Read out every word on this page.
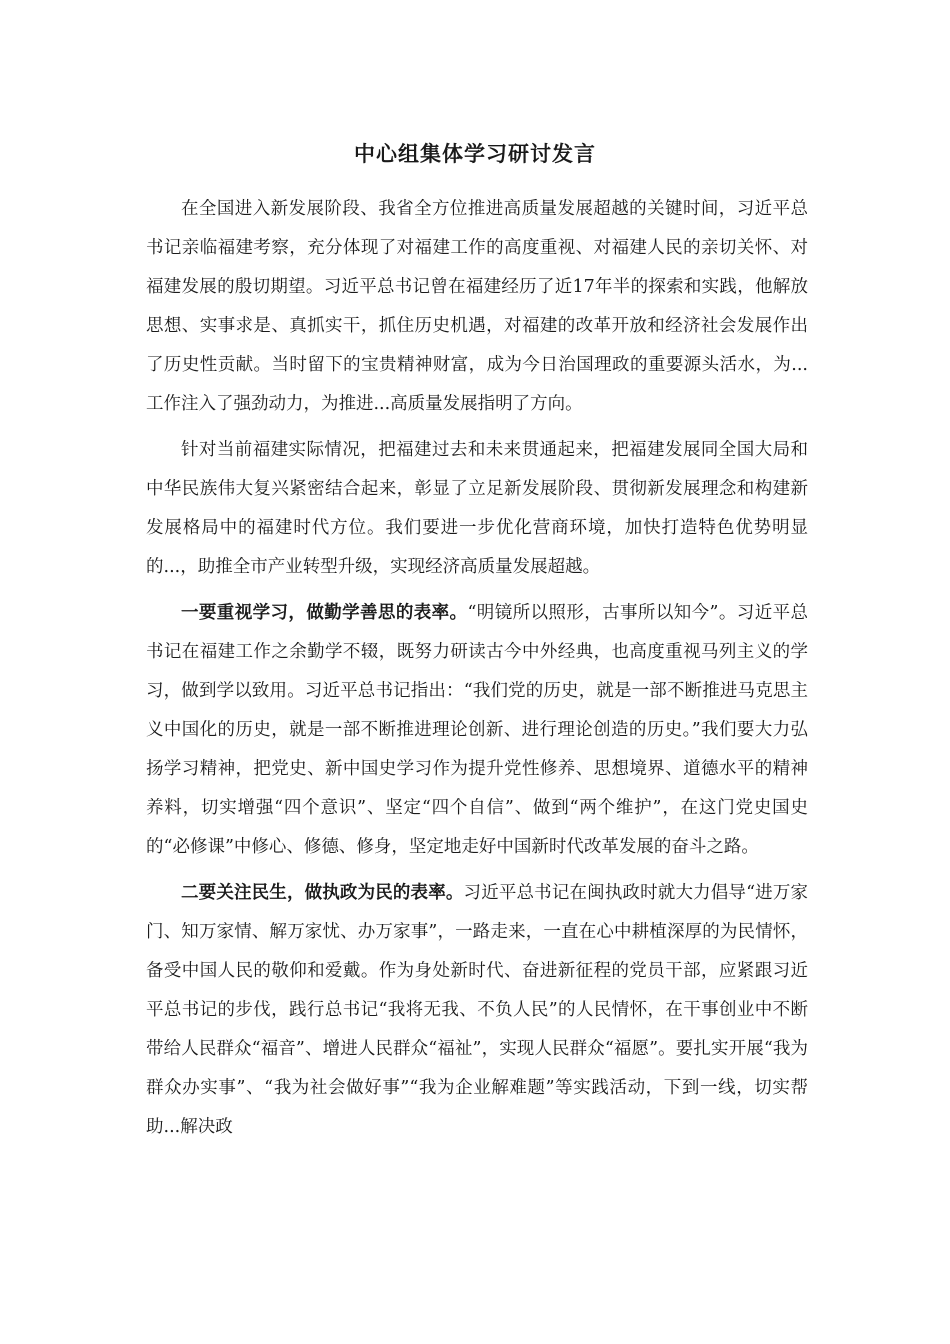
中心组集体学习研讨发言

在全国进入新发展阶段、我省全方位推进高质量发展超越的关键时间，习近平总书记亲临福建考察，充分体现了对福建工作的高度重视、对福建人民的亲切关怀、对福建发展的殷切期望。习近平总书记曾在福建经历了近17年半的探索和实践，他解放思想、实事求是、真抓实干，抓住历史机遇，对福建的改革开放和经济社会发展作出了历史性贡献。当时留下的宝贵精神财富，成为今日治国理政的重要源头活水，为...工作注入了强劲动力，为推进...高质量发展指明了方向。

针对当前福建实际情况，把福建过去和未来贯通起来，把福建发展同全国大局和中华民族伟大复兴紧密结合起来，彰显了立足新发展阶段、贯彻新发展理念和构建新发展格局中的福建时代方位。我们要进一步优化营商环境，加快打造特色优势明显的...，助推全市产业转型升级，实现经济高质量发展超越。

一要重视学习，做勤学善思的表率。“明镜所以照形，古事所以知今”。习近平总书记在福建工作之余勤学不辍，既努力研读古今中外经典，也高度重视马列主义的学习，做到学以致用。习近平总书记指出：“我们党的历史，就是一部不断推进马克思主义中国化的历史，就是一部不断推进理论创新、进行理论创造的历史。”我们要大力弘扬学习精神，把党史、新中国史学习作为提升党性修养、思想境界、道德水平的精神养料，切实增强“四个意识”、坚定“四个自信”、做到“两个维护”，在这门党史国史的“必修课”中修心、修德、修身，坚定地走好中国新时代改革发展的奋斗之路。

二要关注民生，做执政为民的表率。习近平总书记在闽执政时就大力倡导“进万家门、知万家情、解万家忧、办万家事”，一路走来，一直在心中耕植深厚的为民情怀，备受中国人民的敬仰和爱戴。作为身处新时代、奋进新征程的党员干部，应紧跟习近平总书记的步伐，践行总书记“我将无我、不负人民”的人民情怀，在干事创业中不断带给人民群众“福音”、增进人民群众“福祉”，实现人民群众“福愿”。要扎实开展“我为群众办实事”、“我为社会做好事”“我为企业解难题”等实践活动，下到一线，切实帮助...解决政
